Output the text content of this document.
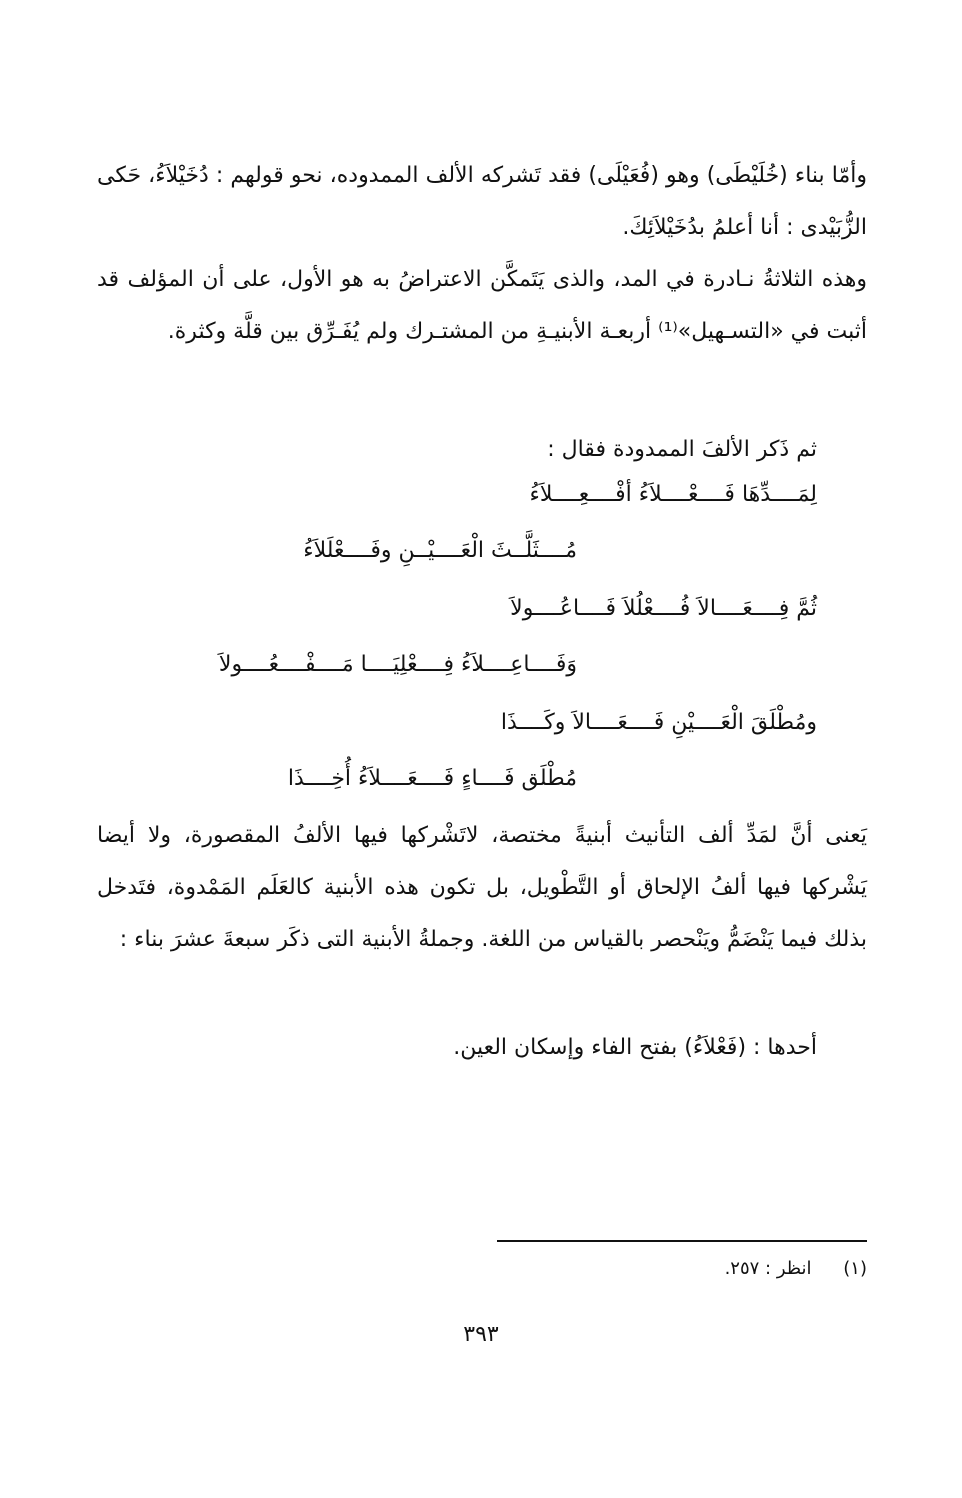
وأمّا بناء (خُلَيْطَى) وهو (فُعَيْلَى) فقد تَشركه الألف الممدوده، نحو قولهم : دُخَيْلاَءُ، حَكى الزُّبَيْدى : أنا أعلمُ بدُخَيْلاَئِكَ.

وهذه الثلاثةُ نـادرة في المد، والذى يَتَمكَّن الاعتراضُ به هو الأول، على أن المؤلف قد أثبت في «التسـهيل»⁽¹⁾ أربعـة الأبنيـةِ من المشتـرك ولم يُفَـرِّق بين قلَّة وكثرة.

ثم ذَكر الألفَ الممدودة فقال :

لِمَــــدِّهَا فَــــعْــــلاَءُ أفْــــعِــــلاَءُ
مُــــثَلَّــثَ الْعَــــيْــنِ وفَــــعْلَلاَءُ
ثُمَّ فِــــعَــــالاَ فُــــعْلُلاَ فَــــاعُــــولاَ
وَفَــــاعِــــلاَءُ فِــــعْلِيَــــا مَــــفْــــعُــــولاَ
ومُطْلَقَ الْعَــــيْنِ فَــــعَــــالاَ وكَــــذَا
مُطْلَق فَــــاءٍ فَــــعَــــلاَءُ أُخِــــذَا

يَعنى أنَّ لمَدِّ ألف التأنيث أبنيةً مختصة، لاتَشْركها فيها الألفُ المقصورة، ولا أيضا يَشْركها فيها ألفُ الإلحاق أو التَّطْويل، بل تكون هذه الأبنية كالعَلَم المَمْدوة، فتَدخل بذلك فيما يَنْضَمُّ ويَنْحصر بالقياس من اللغة. وجملةُ الأبنية التى ذكَر سبعةَ عشرَ بناء :

أحدها : (فَعْلاَءُ) بفتح الفاء وإسكان العين.

(١) انظر : ٢٥٧.
٣٩٣
